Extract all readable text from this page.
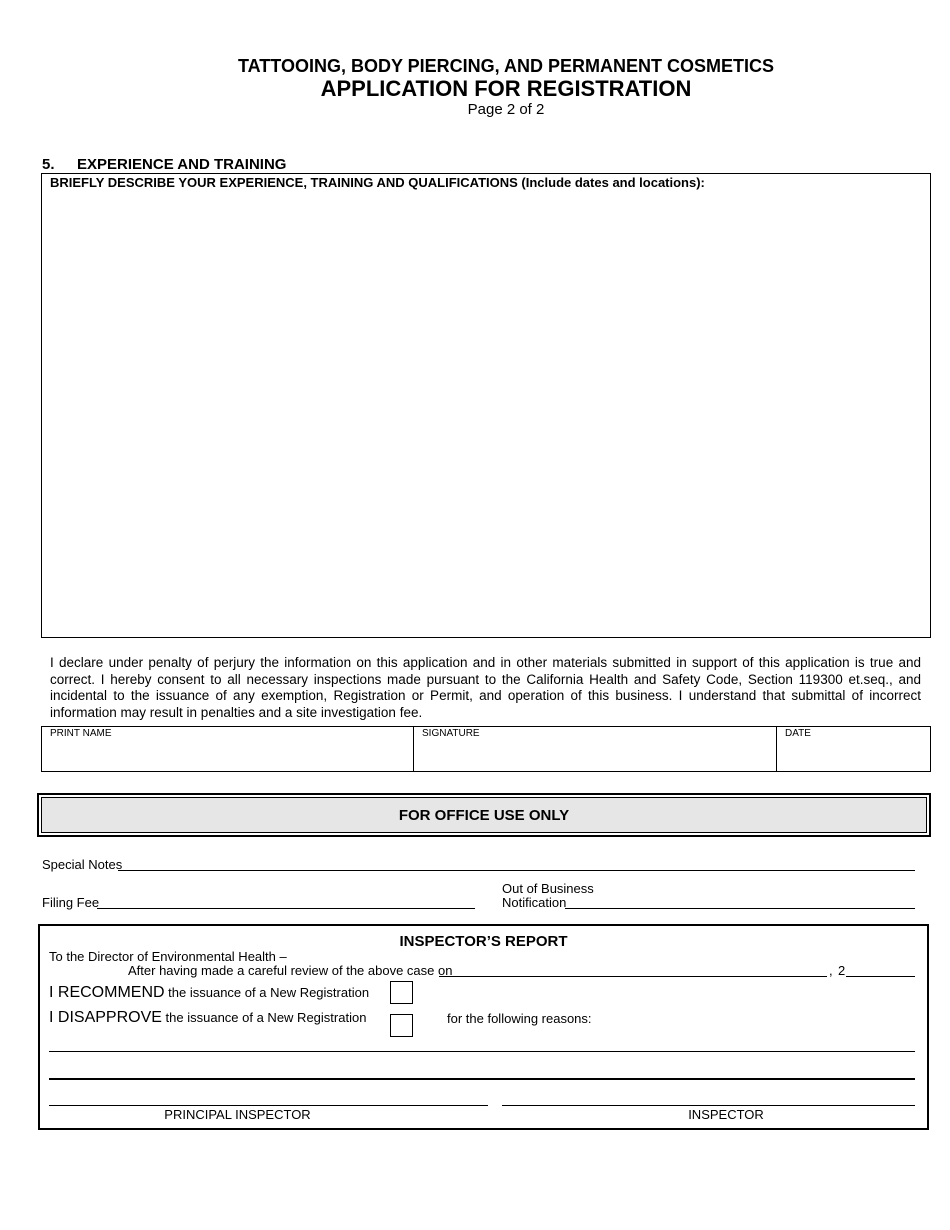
TATTOOING, BODY PIERCING, AND PERMANENT COSMETICS
APPLICATION FOR REGISTRATION
Page 2 of 2
5. EXPERIENCE AND TRAINING
BRIEFLY DESCRIBE YOUR EXPERIENCE, TRAINING AND QUALIFICATIONS (Include dates and locations):
I declare under penalty of perjury the information on this application and in other materials submitted in support of this application is true and correct. I hereby consent to all necessary inspections made pursuant to the California Health and Safety Code, Section 119300 et.seq., and incidental to the issuance of any exemption, Registration or Permit, and operation of this business. I understand that submittal of incorrect information may result in penalties and a site investigation fee.
PRINT NAME	SIGNATURE	DATE
FOR OFFICE USE ONLY
Special Notes
Filing Fee
Out of Business
Notification
INSPECTOR’S REPORT
To the Director of Environmental Health –
After having made a careful review of the above case on	, 2
I RECOMMEND the issuance of a New Registration
I DISAPPROVE the issuance of a New Registration	for the following reasons:
PRINCIPAL INSPECTOR	INSPECTOR
